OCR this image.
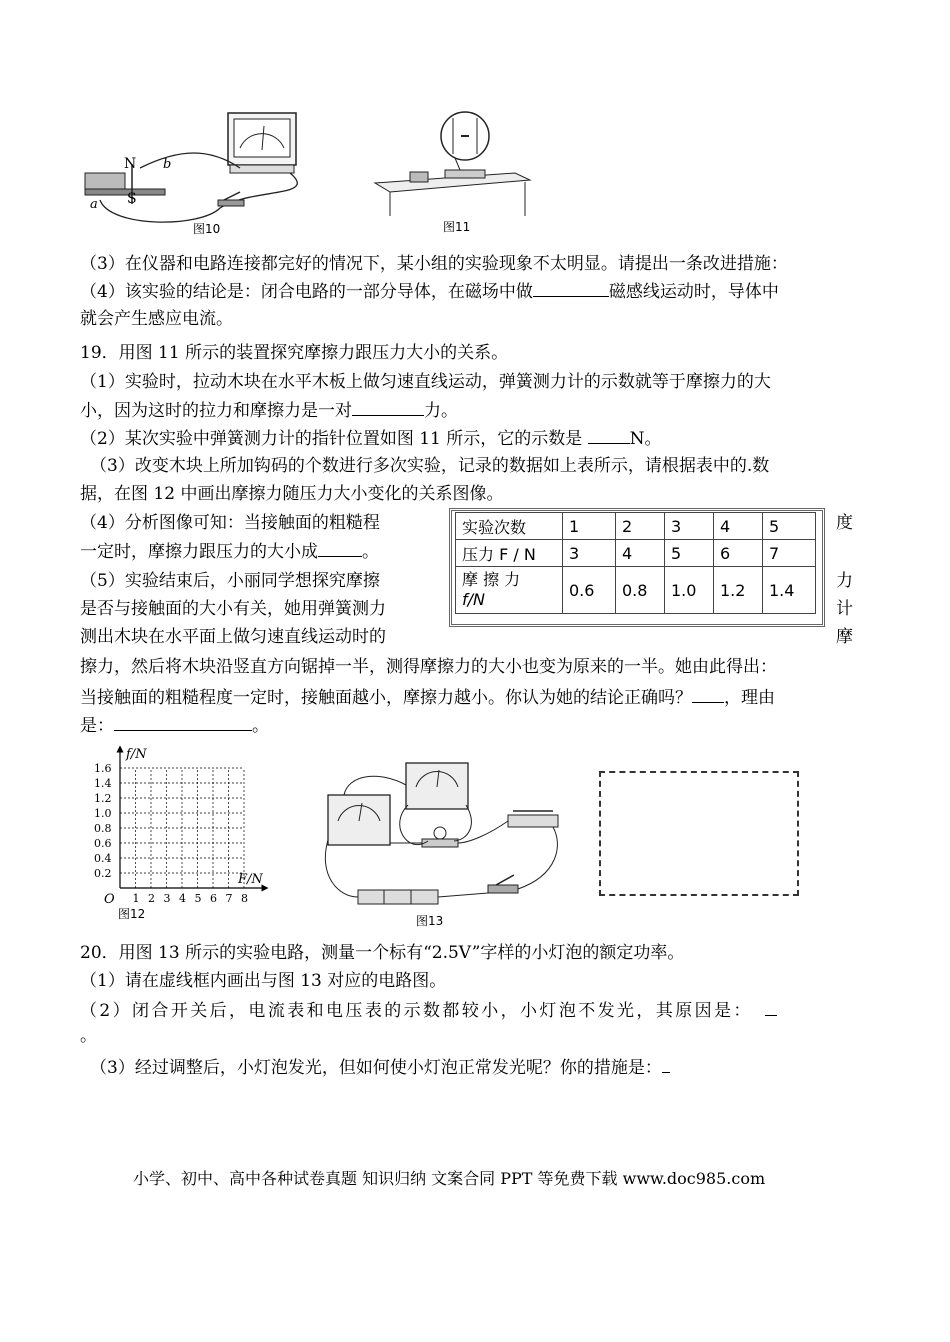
N
S
a
b
图10	图11
（3）在仪器和电路连接都完好的情况下，某小组的实验现象不太明显。请提出一条改进措施：
（4）该实验的结论是：闭合电路的一部分导体，在磁场中做	磁感线运动时，导体中
就会产生感应电流。
19．用图 11 所示的装置探究摩擦力跟压力大小的关系。
（1）实验时，拉动木块在水平木板上做匀速直线运动，弹簧测力计的示数就等于摩擦力的大
小，因为这时的拉力和摩擦力是一对	力。
（2）某次实验中弹簧测力计的指针位置如图 11 所示，它的示数是	N。
（3）改变木块上所加钩码的个数进行多次实验，记录的数据如上表所示，请根据表中的.数
据，在图 12 中画出摩擦力随压力大小变化的关系图像。
（4）分析图像可知：当接触面的粗糙程
一定时，摩擦力跟压力的大小成	。
（5）实验结束后，小丽同学想探究摩擦
是否与接触面的大小有关，她用弹簧测力
测出木块在水平面上做匀速直线运动时的
度
力
计
摩
实验次数	1	2	3	4	5
压力 F / N	3	4	5	6	7
摩 擦 力
f/N	0.6	0.8	1.0	1.2	1.4
擦力，然后将木块沿竖直方向锯掉一半，测得摩擦力的大小也变为原来的一半。她由此得出：
当接触面的粗糙程度一定时，接触面越小，摩擦力越小。你认为她的结论正确吗？ ，理由
是：	。
f/N
F/N
O
1.6
1.4
1.2
1.0
0.8
0.6
0.4
0.2
1 2 3 4 5 6 7 8
图12	图13
20．用图 13 所示的实验电路，测量一个标有“2.5V”字样的小灯泡的额定功率。
（1）请在虚线框内画出与图 13 对应的电路图。
（2）闭合开关后，电流表和电压表的示数都较小，小灯泡不发光，其原因是：
。
（3）经过调整后，小灯泡发光，但如何使小灯泡正常发光呢？你的措施是：
小学、初中、高中各种试卷真题 知识归纳 文案合同 PPT 等免费下载 www.doc985.com
